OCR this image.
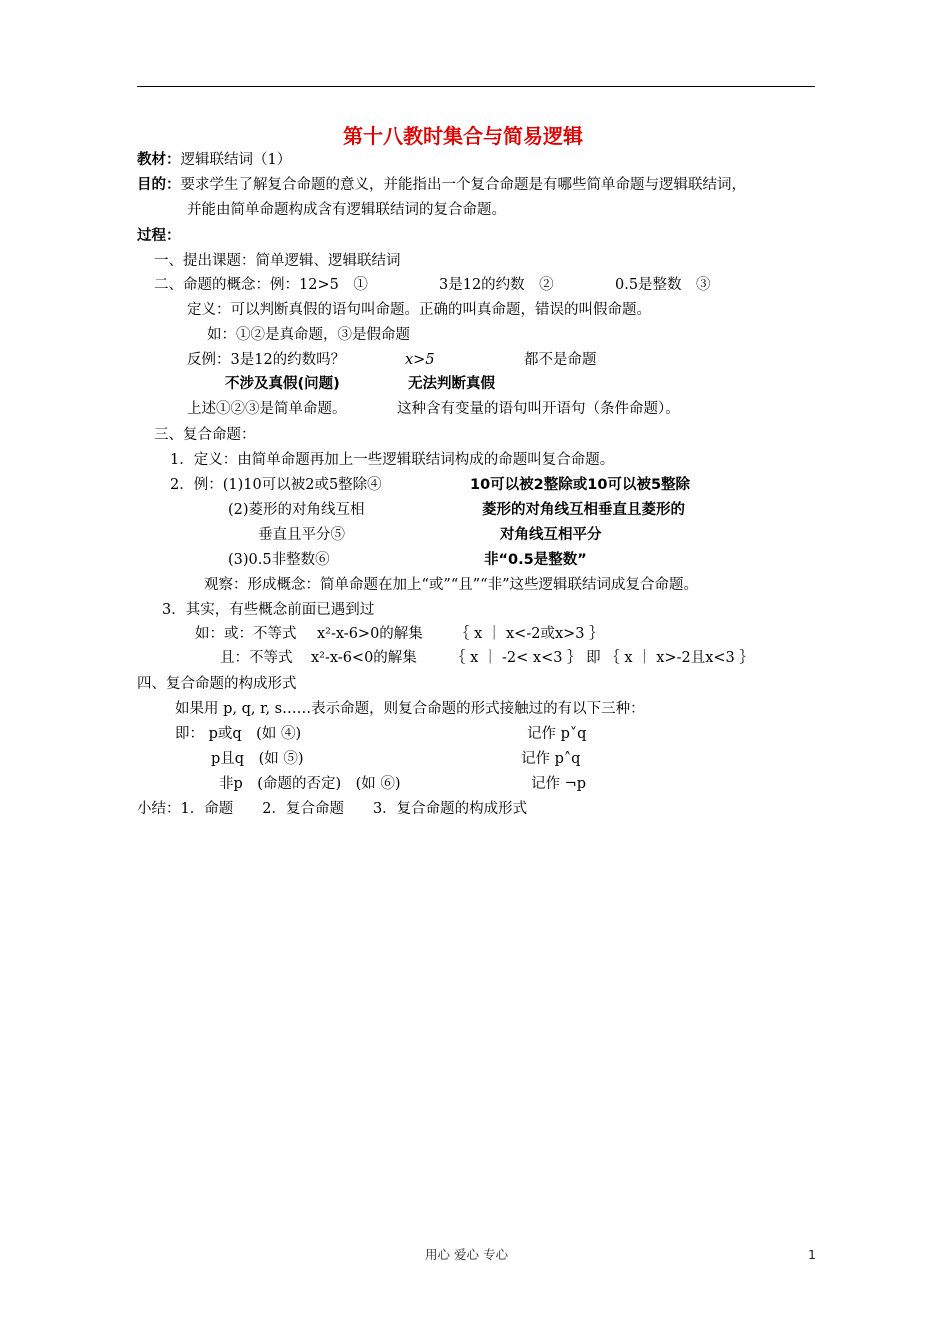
第十八教时集合与简易逻辑
教材：逻辑联结词（1）
目的：要求学生了解复合命题的意义，并能指出一个复合命题是有哪些简单命题与逻辑联结词，
并能由简单命题构成含有逻辑联结词的复合命题。
过程：
一、提出课题：简单逻辑、逻辑联结词
二、命题的概念：例：12>5　①	3是12的约数　②	0.5是整数　③
定义：可以判断真假的语句叫命题。正确的叫真命题，错误的叫假命题。
如：①②是真命题，③是假命题
反例：3是12的约数吗？	x>5	都不是命题
不涉及真假(问题)	无法判断真假
上述①②③是简单命题。	这种含有变量的语句叫开语句（条件命题）。
三、复合命题：
1．定义：由简单命题再加上一些逻辑联结词构成的命题叫复合命题。
2．例：(1)10可以被2或5整除④	10可以被2整除或10可以被5整除
(2)菱形的对角线互相	菱形的对角线互相垂直且菱形的
垂直且平分⑤	对角线互相平分
(3)0.5非整数⑥	非“0.5是整数”
观察：形成概念：简单命题在加上“或”“且”“非”这些逻辑联结词成复合命题。
3．其实，有些概念前面已遇到过
如：或：不等式 x²-x-6>0的解集 ｛ x ｜ x<-2或x>3 ｝
且：不等式 x²-x-6<0的解集 ｛ x ｜ -2< x<3 ｝ 即 ｛ x ｜ x>-2且x<3 ｝
四、复合命题的构成形式
如果用 p, q, r, s……表示命题，则复合命题的形式接触过的有以下三种：
即： p或q　(如 ④)	记作 p˅q
p且q　(如 ⑤)	记作 p˄q
非p　(命题的否定)　(如 ⑥)	记作 ¬p
小结：1．命题　　2．复合命题　　3．复合命题的构成形式
用心 爱心 专心	1
